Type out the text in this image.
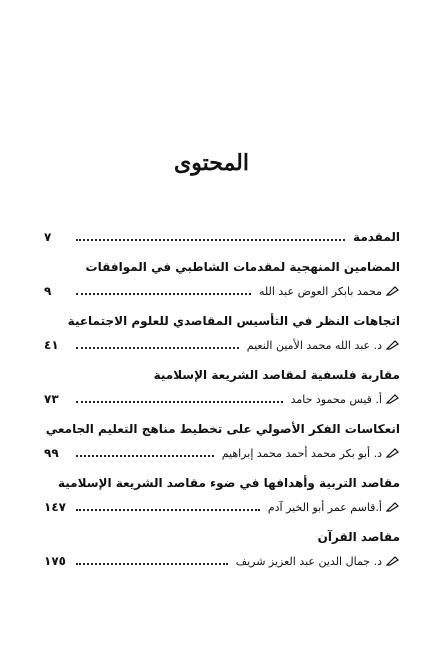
المحتوى
المقدمة
٧
المضامين المنهجية لمقدمات الشاطبي في الموافقات
محمد بابكر العوض عبد الله
٩
اتجاهات النظر في التأسيس المقاصدي للعلوم الاجتماعية
د. عبد الله محمد الأمين النعيم
٤١
مقاربة فلسفية لمقاصد الشريعة الإسلامية
أ. قيس محمود حامد
٧٣
انعكاسات الفكر الأصولي على تخطيط مناهج التعليم الجامعي
د. أبو بكر محمد أحمد محمد إبراهيم
٩٩
مقاصد التربية وأهدافها في ضوء مقاصد الشريعة الإسلامية
أ.قاسم عمر أبو الخير آدم
١٤٧
مقاصد القرآن
د. جمال الدين عبد العزيز شريف
١٧٥
